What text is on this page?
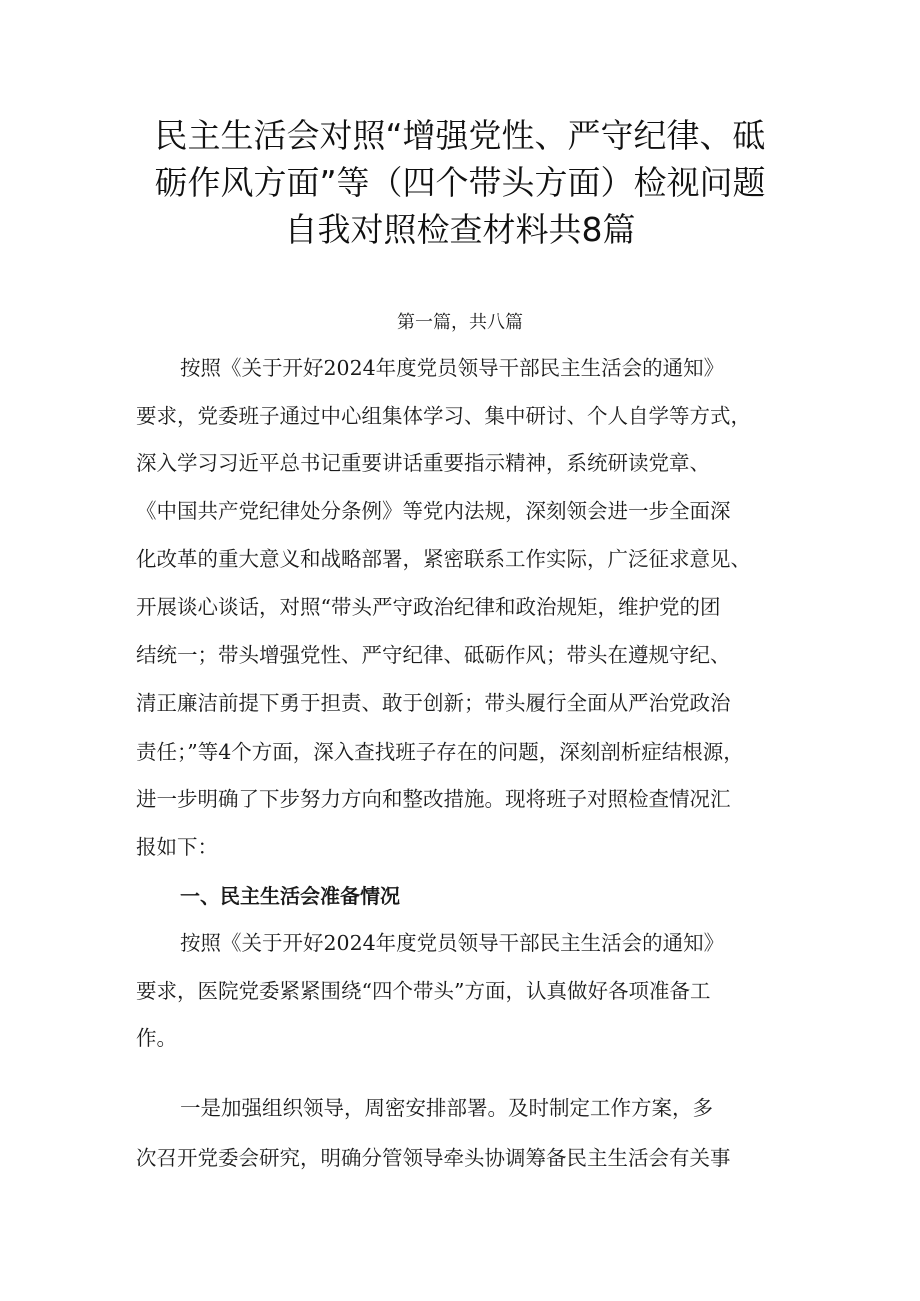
民主生活会对照“增强党性、严守纪律、砥
砺作风方面”等（四个带头方面）检视问题
自我对照检查材料共8篇
第一篇，共八篇
按照《关于开好2024年度党员领导干部民主生活会的通知》
要求，党委班子通过中心组集体学习、集中研讨、个人自学等方式，
深入学习习近平总书记重要讲话重要指示精神，系统研读党章、
《中国共产党纪律处分条例》等党内法规，深刻领会进一步全面深
化改革的重大意义和战略部署，紧密联系工作实际，广泛征求意见、
开展谈心谈话，对照“带头严守政治纪律和政治规矩，维护党的团
结统一；带头增强党性、严守纪律、砥砺作风；带头在遵规守纪、
清正廉洁前提下勇于担责、敢于创新；带头履行全面从严治党政治
责任；”等4个方面，深入查找班子存在的问题，深刻剖析症结根源，
进一步明确了下步努力方向和整改措施。现将班子对照检查情况汇
报如下：
一、民主生活会准备情况
按照《关于开好2024年度党员领导干部民主生活会的通知》
要求，医院党委紧紧围绕“四个带头”方面，认真做好各项准备工
作。
一是加强组织领导，周密安排部署。及时制定工作方案，多
次召开党委会研究，明确分管领导牵头协调筹备民主生活会有关事
